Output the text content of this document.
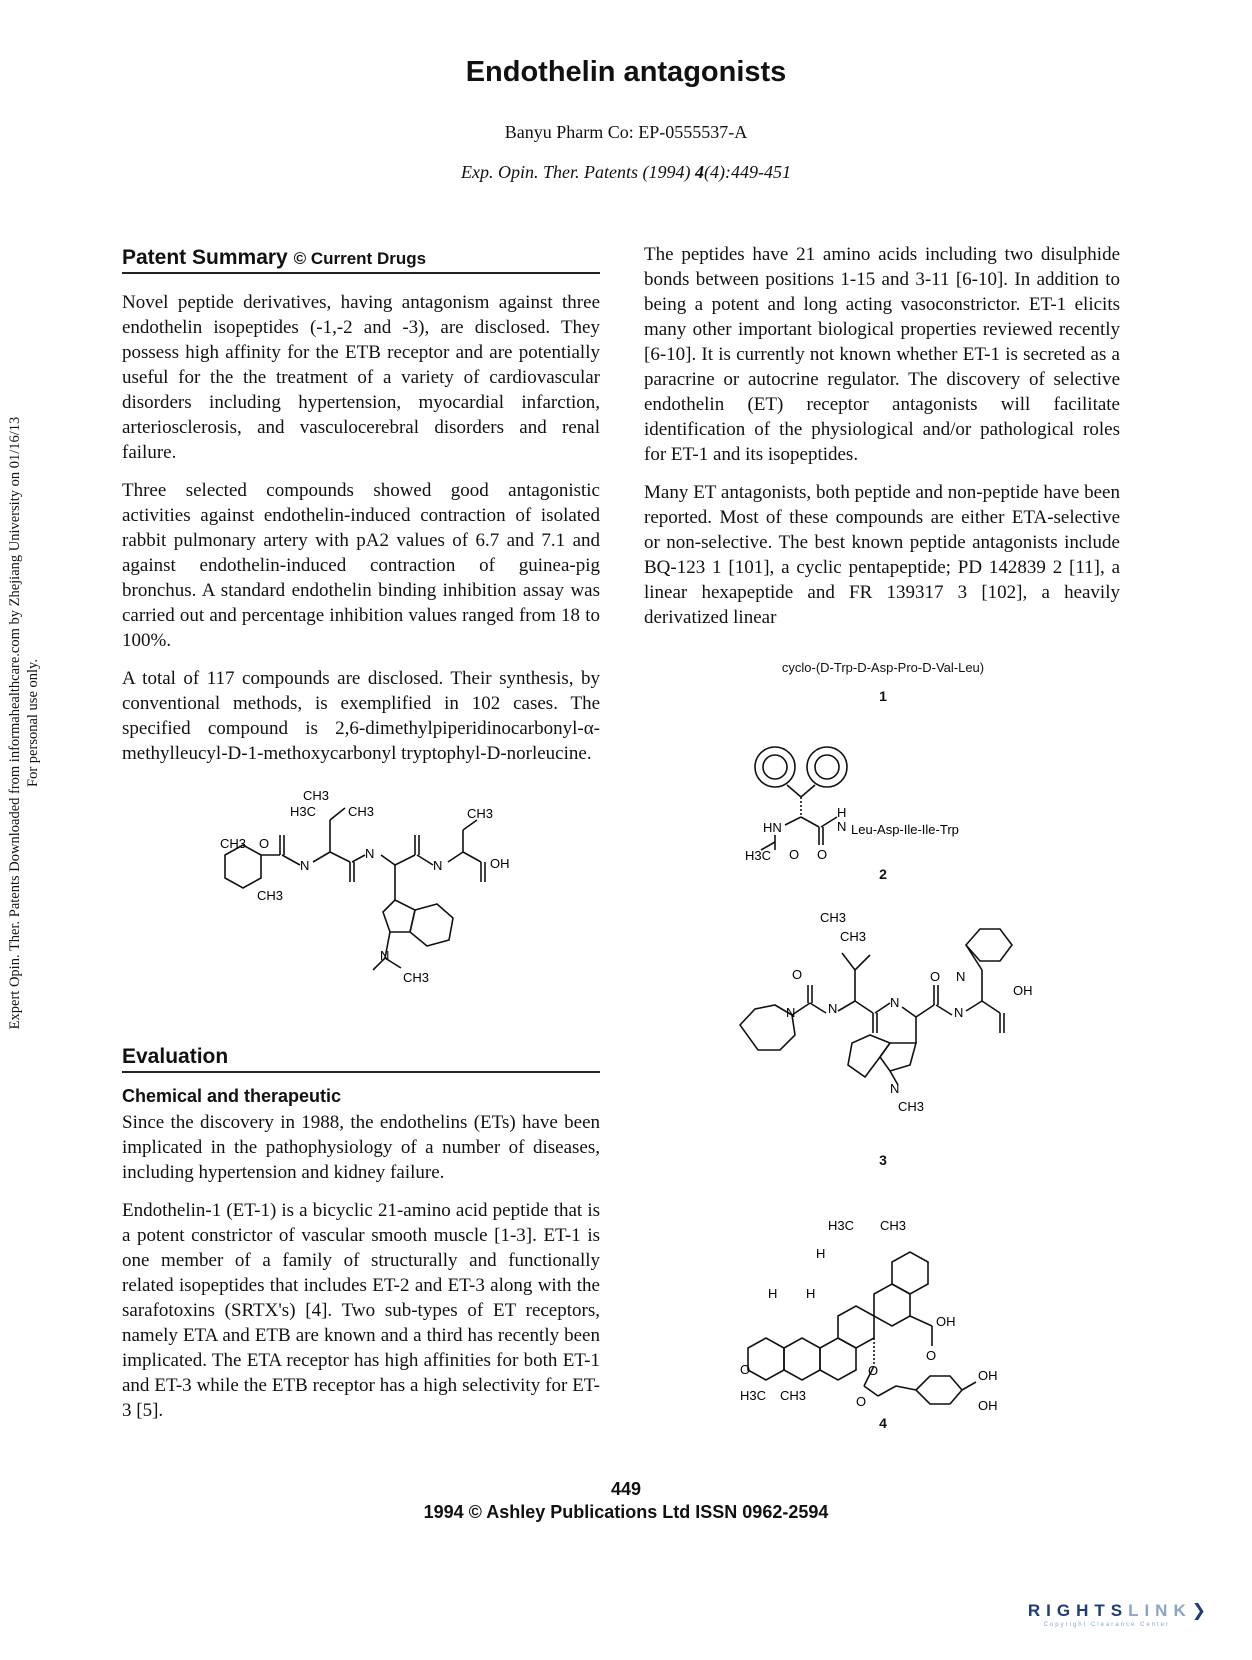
Endothelin antagonists
Banyu Pharm Co: EP-0555537-A
Exp. Opin. Ther. Patents (1994) 4(4):449-451
Expert Opin. Ther. Patents Downloaded from informahealthcare.com by Zhejiang University on 01/16/13 For personal use only.
Patent Summary © Current Drugs

Novel peptide derivatives, having antagonism against three endothelin isopeptides (-1,-2 and -3), are disclosed. They possess high affinity for the ETB receptor and are potentially useful for the the treatment of a variety of cardiovascular disorders including hypertension, myocardial infarction, arteriosclerosis, and vasculocerebral disorders and renal failure.

Three selected compounds showed good antagonistic activities against endothelin-induced contraction of isolated rabbit pulmonary artery with pA2 values of 6.7 and 7.1 and against endothelin-induced contraction of guinea-pig bronchus. A standard endothelin binding inhibition assay was carried out and percentage inhibition values ranged from 18 to 100%.

A total of 117 compounds are disclosed. Their synthesis, by conventional methods, is exemplified in 102 cases. The specified compound is 2,6-dimethylpiperidinocarbonyl-α-methylleucyl-D-1-methoxycarbonyl tryptophyl-D-norleucine.

CH3
H3C CH3
CH3 O
N
N
N	OH
CH3
CH3
N
CH3
Evaluation
Chemical and therapeutic

Since the discovery in 1988, the endothelins (ETs) have been implicated in the pathophysiology of a number of diseases, including hypertension and kidney failure.

Endothelin-1 (ET-1) is a bicyclic 21-amino acid peptide that is a potent constrictor of vascular smooth muscle [1-3]. ET-1 is one member of a family of structurally and functionally related isopeptides that includes ET-2 and ET-3 along with the sarafotoxins (SRTX's) [4]. Two sub-types of ET receptors, namely ETA and ETB are known and a third has recently been implicated. The ETA receptor has high affinities for both ET-1 and ET-3 while the ETB receptor has a high selectivity for ET-3 [5].

The peptides have 21 amino acids including two disulphide bonds between positions 1-15 and 3-11 [6-10]. In addition to being a potent and long acting vasoconstrictor. ET-1 elicits many other important biological properties reviewed recently [6-10]. It is currently not known whether ET-1 is secreted as a paracrine or autocrine regulator. The discovery of selective endothelin (ET) receptor antagonists will facilitate identification of the physiological and/or pathological roles for ET-1 and its isopeptides.

Many ET antagonists, both peptide and non-peptide have been reported. Most of these compounds are either ETA-selective or non-selective. The best known peptide antagonists include BQ-123 1 [101], a cyclic pentapeptide; PD 142839 2 [11], a linear hexapeptide and FR 139317 3 [102], a heavily derivatized linear

cyclo-(D-Trp-D-Asp-Pro-D-Val-Leu)
1
HN
H
N Leu-Asp-Ile-Ile-Trp
O
H3C O
2
CH3
CH3
O
N	N	N
N
OH
O N
N
CH3
3
H3C CH3
H
H H
OH
O
O
H3C CH3	O
O	OH
OH
4
449
1994 © Ashley Publications Ltd ISSN 0962-2594
RIGHTSLINK❯
Copyright Clearance Center
